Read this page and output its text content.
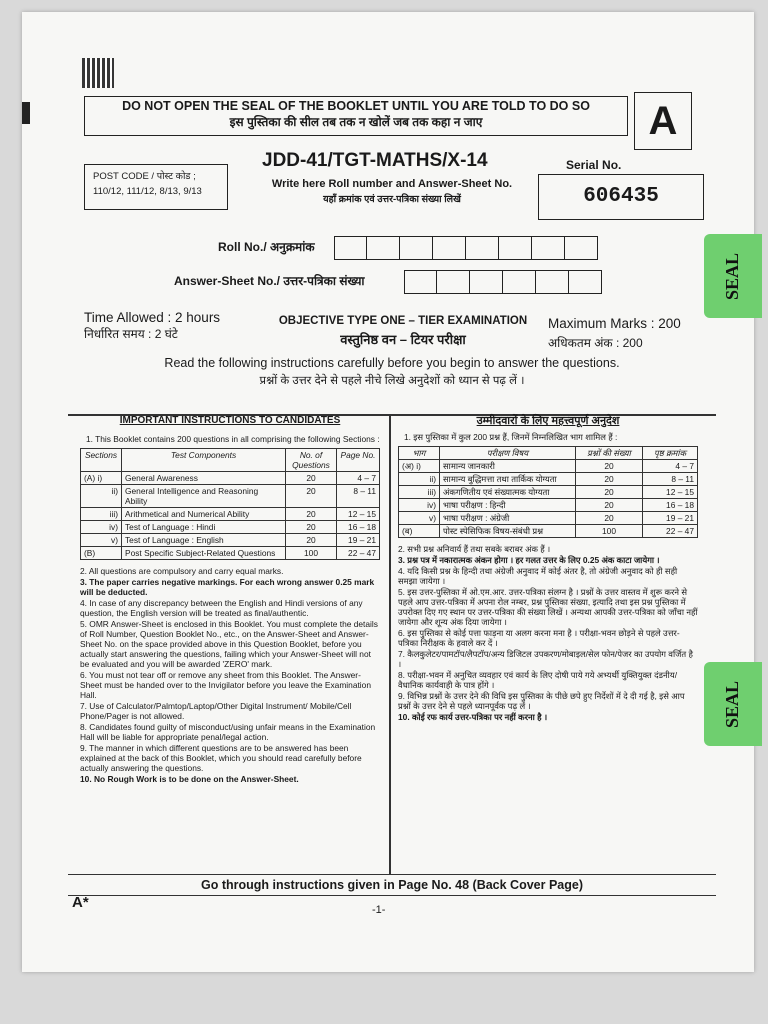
DO NOT OPEN THE SEAL OF THE BOOKLET UNTIL YOU ARE TOLD TO DO SO
इस पुस्तिका की सील तब तक न खोलें जब तक कहा न जाए	A
JDD-41/TGT-MATHS/X-14	Serial No.
606435
POST CODE / पोस्ट कोड ;
110/12, 111/12, 8/13, 9/13
Write here Roll number and Answer-Sheet No.
यहाँ क्रमांक एवं उत्तर-पत्रिका संख्या लिखें
Roll No./ अनुक्रमांक
Answer-Sheet No./ उत्तर-पत्रिका संख्या	SEAL
SEAL
Time Allowed : 2 hours
निर्धारित समय : 2 घंटे
OBJECTIVE TYPE ONE – TIER EXAMINATION
वस्तुनिष्ठ वन – टियर परीक्षा
Maximum Marks : 200
अधिकतम अंक : 200
Read the following instructions carefully before you begin to answer the questions.
प्रश्नों के उत्तर देने से पहले नीचे लिखे अनुदेशों को ध्यान से पढ़ लें ।
IMPORTANT INSTRUCTIONS TO CANDIDATES
1. This Booklet contains 200 questions in all comprising the following Sections :
Sections	Test Components	No. of Questions	Page No.
(A) i)	General Awareness	20	4 – 7
ii)	General Intelligence and Reasoning Ability	20	8 – 11
iii)	Arithmetical and Numerical Ability	20	12 – 15
iv)	Test of Language : Hindi	20	16 – 18
v)	Test of Language : English	20	19 – 21
(B)	Post Specific Subject-Related Questions	100	22 – 47
2. All questions are compulsory and carry equal marks.
3. The paper carries negative markings. For each wrong answer 0.25 mark will be deducted.
4. In case of any discrepancy between the English and Hindi versions of any question, the English version will be treated as final/authentic.
5. OMR Answer-Sheet is enclosed in this Booklet. You must complete the details of Roll Number, Question Booklet No., etc., on the Answer-Sheet and Answer-Sheet No. on the space provided above in this Question Booklet, before you actually start answering the questions, failing which your Answer-Sheet will not be evaluated and you will be awarded 'ZERO' mark.
6. You must not tear off or remove any sheet from this Booklet. The Answer-Sheet must be handed over to the Invigilator before you leave the Examination Hall.
7. Use of Calculator/Palmtop/Laptop/Other Digital Instrument/ Mobile/Cell Phone/Pager is not allowed.
8. Candidates found guilty of misconduct/using unfair means in the Examination Hall will be liable for appropriate penal/legal action.
9. The manner in which different questions are to be answered has been explained at the back of this Booklet, which you should read carefully before actually answering the questions.
10. No Rough Work is to be done on the Answer-Sheet.
उम्मीदवारों के लिए महत्त्वपूर्ण अनुदेश
1. इस पुस्तिका में कुल 200 प्रश्न हैं, जिनमें निम्नलिखित भाग शामिल हैं :
भाग	परीक्षण विषय	प्रश्नों की संख्या	पृष्ठ क्रमांक
(अ) i)	सामान्य जानकारी	20	4 – 7
ii)	सामान्य बुद्धिमत्ता तथा तार्किक योग्यता	20	8 – 11
iii)	अंकगणितीय एवं संख्यात्मक योग्यता	20	12 – 15
iv)	भाषा परीक्षण : हिन्दी	20	16 – 18
v)	भाषा परीक्षण : अंग्रेजी	20	19 – 21
(ब)	पोस्ट स्पेसिफिक विषय-संबंधी प्रश्न	100	22 – 47
2. सभी प्रश्न अनिवार्य हैं तथा सबके बराबर अंक हैं ।
3. प्रश्न पत्र में नकारात्मक अंकन होगा । हर गलत उत्तर के लिए 0.25 अंक काटा जायेगा ।
4. यदि किसी प्रश्न के हिन्दी तथा अंग्रेजी अनुवाद में कोई अंतर है, तो अंग्रेजी अनुवाद को ही सही समझा जायेगा ।
5. इस उत्तर-पुस्तिका में ओ.एम.आर. उत्तर-पत्रिका संलग्न है । प्रश्नों के उत्तर वास्तव में शुरू करने से पहले आप उत्तर-पत्रिका में अपना रोल नम्बर, प्रश्न पुस्तिका संख्या, इत्यादि तथा इस प्रश्न पुस्तिका में उपरोक्त दिए गए स्थान पर उत्तर-पत्रिका की संख्या लिखें । अन्यथा आपकी उत्तर-पत्रिका को जाँचा नहीं जायेगा और शून्य अंक दिया जायेगा ।
6. इस पुस्तिका से कोई पत्ता फाड़ना या अलग करना मना है । परीक्षा-भवन छोड़ने से पहले उत्तर-पत्रिका निरीक्षक के हवाले कर दें ।
7. कैलकुलेटर/पामटॉप/लैपटॉप/अन्य डिजिटल उपकरण/मोबाइल/सेल फोन/पेजर का उपयोग वर्जित है ।
8. परीक्षा-भवन में अनुचित व्यवहार एवं कार्य के लिए दोषी पाये गये अभ्यर्थी युक्तियुक्त दंडनीय/वैधानिक कार्यवाही के पात्र होंगे ।
9. विभिन्न प्रश्नों के उत्तर देने की विधि इस पुस्तिका के पीछे छपे हुए निर्देशों में दे दी गई है, इसे आप प्रश्नों के उत्तर देने से पहले ध्यानपूर्वक पढ़ लें ।
10. कोई रफ कार्य उत्तर-पत्रिका पर नहीं करना है ।
Go through instructions given in Page No. 48 (Back Cover Page)
A*	-1-
